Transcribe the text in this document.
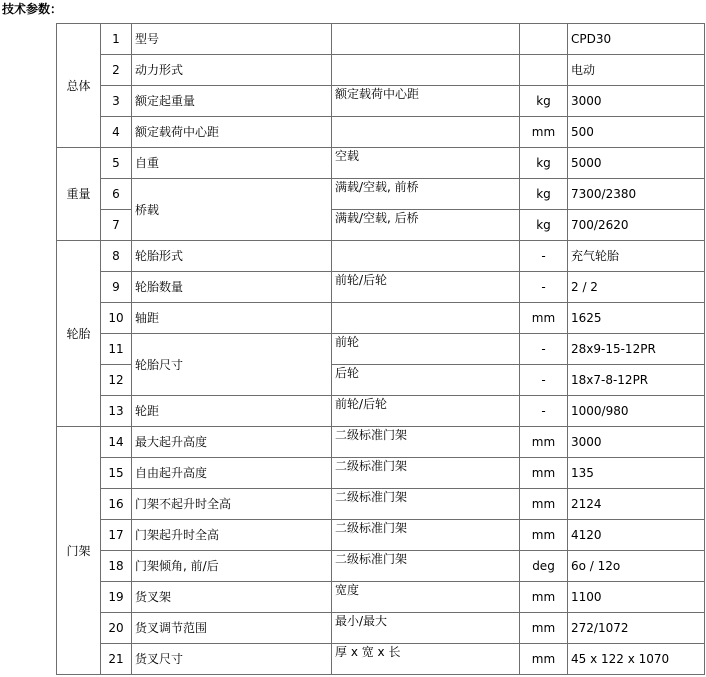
技术参数：
总体	1	型号			CPD30
	2	动力形式			电动
	3	额定起重量	额定载荷中心距	kg	3000
	4	额定载荷中心距		mm	500
重量	5	自重	空载	kg	5000
	6	桥载	满载/空载, 前桥	kg	7300/2380
	7		满载/空载, 后桥	kg	700/2620
轮胎	8	轮胎形式		-	充气轮胎
	9	轮胎数量	前轮/后轮	-	2 / 2
	10	轴距		mm	1625
	11	轮胎尺寸	前轮	-	28x9-15-12PR
	12		后轮	-	18x7-8-12PR
	13	轮距	前轮/后轮	-	1000/980
门架	14	最大起升高度	二级标准门架	mm	3000
	15	自由起升高度	二级标准门架	mm	135
	16	门架不起升时全高	二级标准门架	mm	2124
	17	门架起升时全高	二级标准门架	mm	4120
	18	门架倾角, 前/后	二级标准门架	deg	6o / 12o
	19	货叉架	宽度	mm	1100
	20	货叉调节范围	最小/最大	mm	272/1072
	21	货叉尺寸	厚 x 宽 x 长	mm	45 x 122 x 1070
